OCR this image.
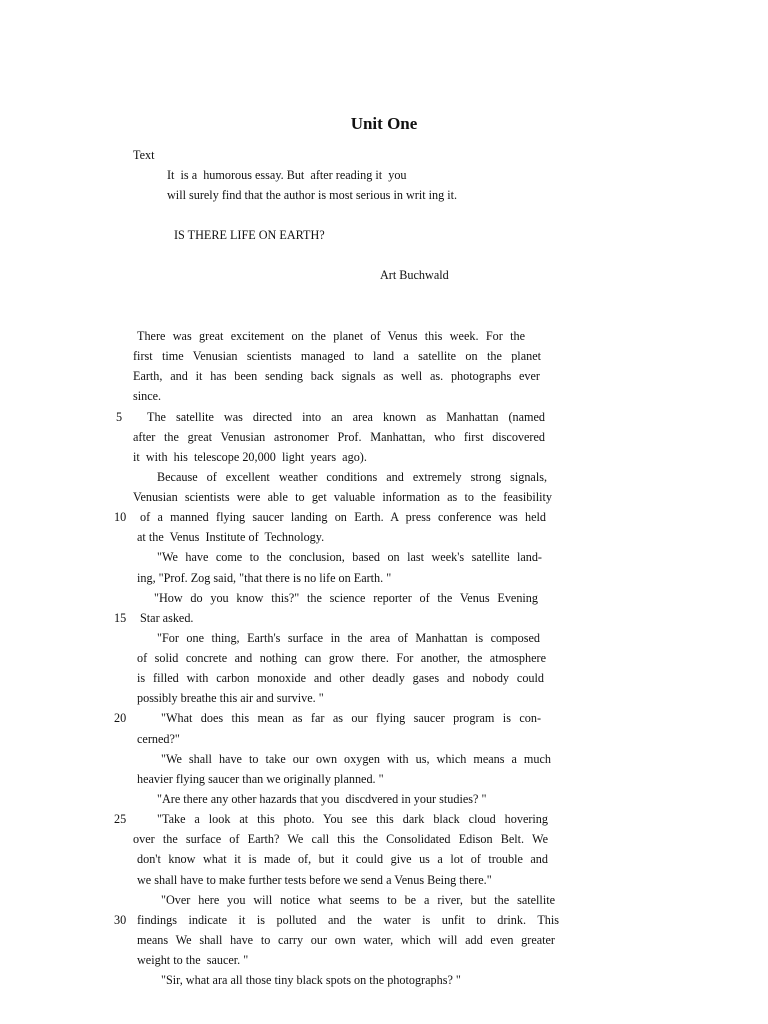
Unit One
Text
It  is a  humorous essay. But  after reading it  you
will surely find that the author is most serious in writ ing it.
IS THERE LIFE ON EARTH?
Art Buchwald
There was great excitement on the planet of Venus this week. For the
first time Venusian scientists managed to land a satellite on the planet
Earth, and it has been sending back signals as well as. photographs ever
since.
The satellite was directed into an area known as Manhattan (named
after the great Venusian astronomer Prof. Manhattan, who first discovered
it  with  his  telescope 20,000  light  years  ago).
Because of excellent weather conditions and extremely strong signals,
Venusian scientists were able to get valuable information as to the feasibility
of a manned flying saucer landing on Earth. A press conference was held
at the  Venus  Institute of  Technology.
"We have come to the conclusion, based on last week's satellite land-
ing, "Prof. Zog said, "that there is no life on Earth. "
"How do you know this?" the science reporter of the Venus Evening
Star asked.
"For one thing, Earth's surface in the area of Manhattan is composed
of solid concrete and nothing can grow there. For another, the atmosphere
is filled with carbon monoxide and other deadly gases and nobody could
possibly breathe this air and survive. "
"What does this mean as far as our flying saucer program is con-
cerned?"
"We shall have to take our own oxygen with us, which means a much
heavier flying saucer than we originally planned. "
"Are there any other hazards that you  discdvered in your studies? "
"Take a look at this photo. You see this dark black cloud hovering
over the surface of Earth? We call this the Consolidated Edison Belt. We
don't know what it is made of, but it could give us a lot of trouble and
we shall have to make further tests before we send a Venus Being there."
"Over here you will notice what seems to be a river, but the satellite
findings indicate it is polluted and the water is unfit to drink. This
means We shall have to carry our own water, which will add even greater
weight to the  saucer. "
"Sir, what ara all those tiny black spots on the photographs? "
5
10
15
20
25
30
